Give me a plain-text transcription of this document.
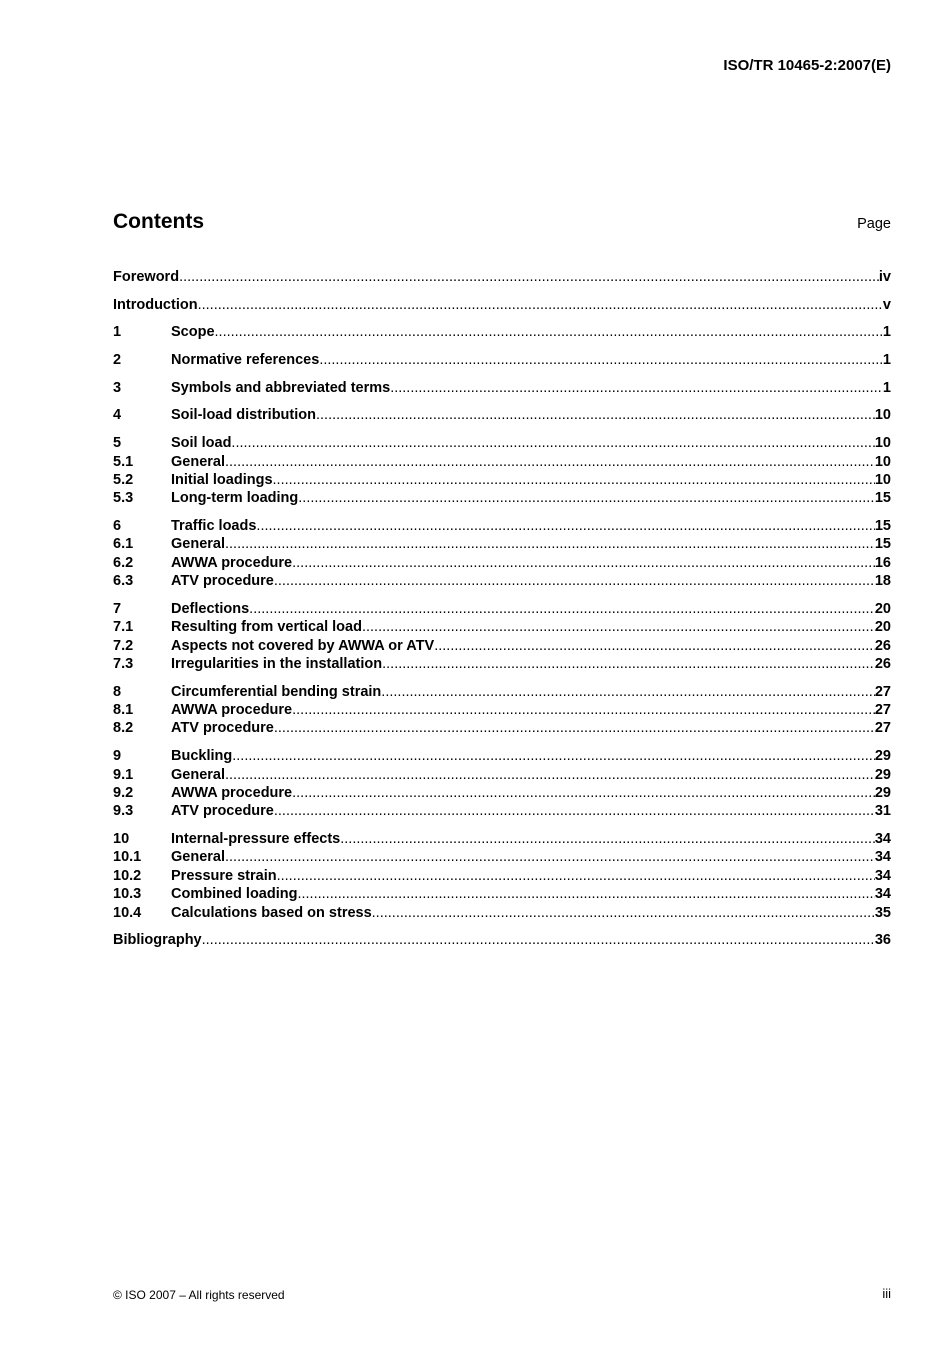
ISO/TR 10465-2:2007(E)
Contents	Page
Foreword .....	iv
Introduction .....	v
1	Scope .....	1
2	Normative references .....	1
3	Symbols and abbreviated terms .....	1
4	Soil-load distribution .....	10
5	Soil load .....	10
5.1	General .....	10
5.2	Initial loadings .....	10
5.3	Long-term loading .....	15
6	Traffic loads .....	15
6.1	General .....	15
6.2	AWWA procedure .....	16
6.3	ATV procedure .....	18
7	Deflections .....	20
7.1	Resulting from vertical load .....	20
7.2	Aspects not covered by AWWA or ATV .....	26
7.3	Irregularities in the installation .....	26
8	Circumferential bending strain .....	27
8.1	AWWA procedure .....	27
8.2	ATV procedure .....	27
9	Buckling .....	29
9.1	General .....	29
9.2	AWWA procedure .....	29
9.3	ATV procedure .....	31
10	Internal-pressure effects .....	34
10.1	General .....	34
10.2	Pressure strain .....	34
10.3	Combined loading .....	34
10.4	Calculations based on stress .....	35
Bibliography .....	36
© ISO 2007 – All rights reserved	iii
